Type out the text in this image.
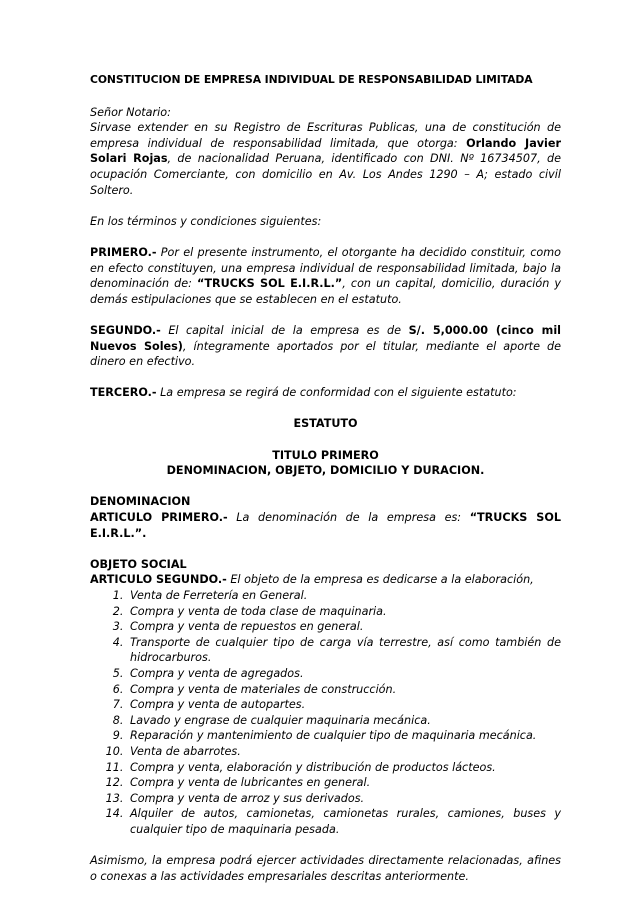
CONSTITUCION DE EMPRESA INDIVIDUAL DE RESPONSABILIDAD LIMITADA

Señor Notario:
Sirvase extender en su Registro de Escrituras Publicas, una de constitución de empresa individual de responsabilidad limitada, que otorga: Orlando Javier Solari Rojas, de nacionalidad Peruana, identificado con DNI. Nº 16734507, de ocupación Comerciante, con domicilio en Av. Los Andes 1290 – A; estado civil Soltero.

En los términos y condiciones siguientes:

PRIMERO.- Por el presente instrumento, el otorgante ha decidido constituir, como en efecto constituyen, una empresa individual de responsabilidad limitada, bajo la denominación de: “TRUCKS SOL E.I.R.L.”, con un capital, domicilio, duración y demás estipulaciones que se establecen en el estatuto.

SEGUNDO.- El capital inicial de la empresa es de S/. 5,000.00 (cinco mil Nuevos Soles), íntegramente aportados por el titular, mediante el aporte de dinero en efectivo.

TERCERO.- La empresa se regirá de conformidad con el siguiente estatuto:

ESTATUTO

TITULO PRIMERO

DENOMINACION, OBJETO, DOMICILIO Y DURACION.

DENOMINACION

ARTICULO PRIMERO.- La denominación de la empresa es: “TRUCKS SOL E.I.R.L.”.

OBJETO SOCIAL

ARTICULO SEGUNDO.- El objeto de la empresa es dedicarse a la elaboración,

1. Venta de Ferretería en General.
2. Compra y venta de toda clase de maquinaria.
3. Compra y venta de repuestos en general.
4. Transporte de cualquier tipo de carga vía terrestre, así como también de hidrocarburos.
5. Compra y venta de agregados.
6. Compra y venta de materiales de construcción.
7. Compra y venta de autopartes.
8. Lavado y engrase de cualquier maquinaria mecánica.
9. Reparación y mantenimiento de cualquier tipo de maquinaria mecánica.
10. Venta de abarrotes.
11. Compra y venta, elaboración y distribución de productos lácteos.
12. Compra y venta de lubricantes en general.
13. Compra y venta de arroz y sus derivados.
14. Alquiler de autos, camionetas, camionetas rurales, camiones, buses y cualquier tipo de maquinaria pesada.

Asimismo, la empresa podrá ejercer actividades directamente relacionadas, afines o conexas a las actividades empresariales descritas anteriormente.
